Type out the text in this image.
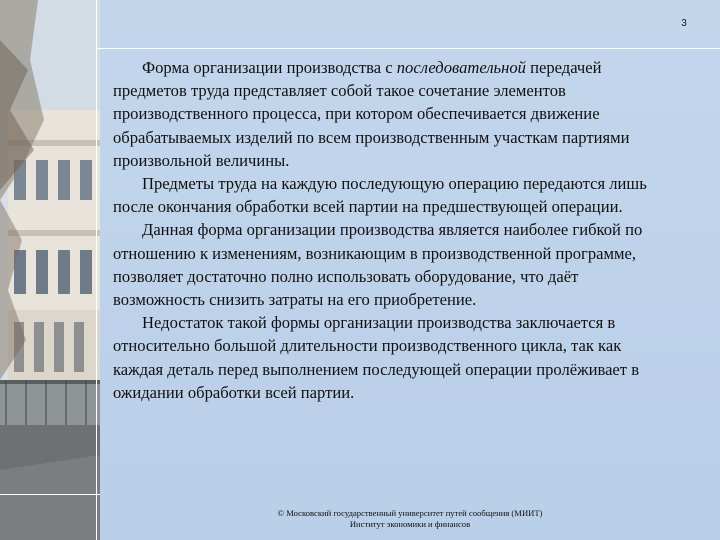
3

Форма организации производства с последовательной передачей предметов труда представляет собой такое сочетание элементов производственного процесса, при котором обеспечивается движение обрабатываемых изделий по всем производственным участкам партиями произвольной величины.

Предметы труда на каждую последующую операцию передаются лишь после окончания обработки всей партии на предшествующей операции.

Данная форма организации производства является наиболее гибкой по отношению к изменениям, возникающим в производственной программе, позволяет достаточно полно использовать оборудование, что даёт возможность снизить затраты на его приобретение.

Недостаток такой формы организации производства заключается в относительно большой длительности производственного цикла, так как каждая деталь перед выполнением последующей операции пролёживает в ожидании обработки всей партии.

© Московский государственный университет путей сообщения (МИИТ)
Институт экономики и финансов
